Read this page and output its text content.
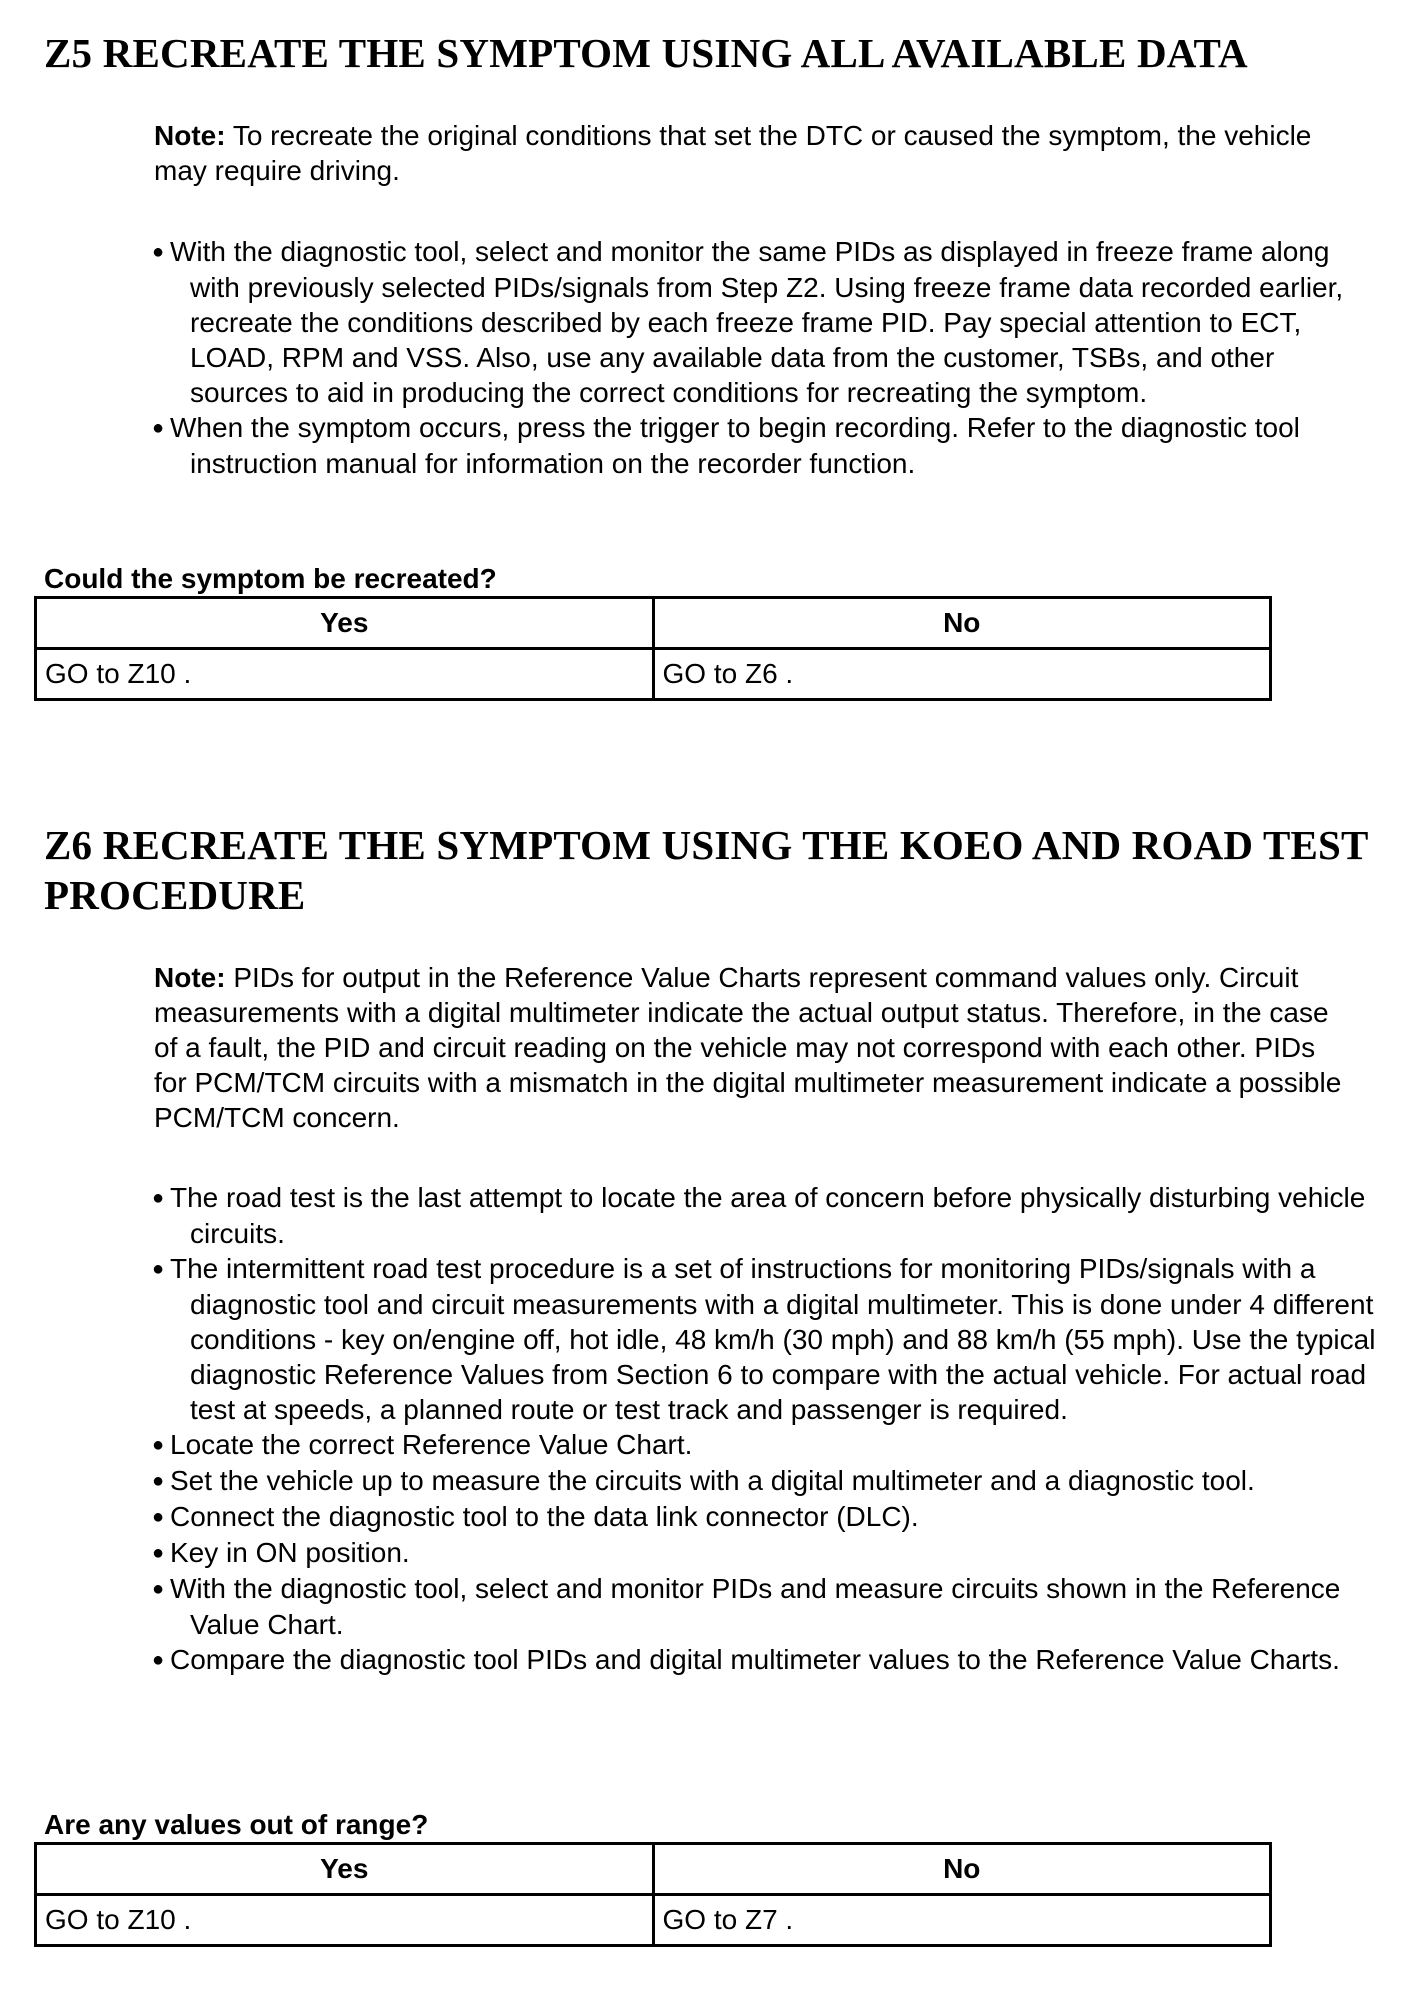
Z5 RECREATE THE SYMPTOM USING ALL AVAILABLE DATA

Note: To recreate the original conditions that set the DTC or caused the symptom, the vehicle may require driving.

● With the diagnostic tool, select and monitor the same PIDs as displayed in freeze frame along with previously selected PIDs/signals from Step Z2. Using freeze frame data recorded earlier, recreate the conditions described by each freeze frame PID. Pay special attention to ECT, LOAD, RPM and VSS. Also, use any available data from the customer, TSBs, and other sources to aid in producing the correct conditions for recreating the symptom.
● When the symptom occurs, press the trigger to begin recording. Refer to the diagnostic tool instruction manual for information on the recorder function.

Could the symptom be recreated?

Yes	No
GO to Z10 .	GO to Z6 .
Z6 RECREATE THE SYMPTOM USING THE KOEO AND ROAD TEST PROCEDURE

Note: PIDs for output in the Reference Value Charts represent command values only. Circuit measurements with a digital multimeter indicate the actual output status. Therefore, in the case of a fault, the PID and circuit reading on the vehicle may not correspond with each other. PIDs for PCM/TCM circuits with a mismatch in the digital multimeter measurement indicate a possible PCM/TCM concern.

● The road test is the last attempt to locate the area of concern before physically disturbing vehicle circuits.
● The intermittent road test procedure is a set of instructions for monitoring PIDs/signals with a diagnostic tool and circuit measurements with a digital multimeter. This is done under 4 different conditions - key on/engine off, hot idle, 48 km/h (30 mph) and 88 km/h (55 mph). Use the typical diagnostic Reference Values from Section 6 to compare with the actual vehicle. For actual road test at speeds, a planned route or test track and passenger is required.
● Locate the correct Reference Value Chart.
● Set the vehicle up to measure the circuits with a digital multimeter and a diagnostic tool.
● Connect the diagnostic tool to the data link connector (DLC).
● Key in ON position.
● With the diagnostic tool, select and monitor PIDs and measure circuits shown in the Reference Value Chart.
● Compare the diagnostic tool PIDs and digital multimeter values to the Reference Value Charts.

Are any values out of range?

Yes	No
GO to Z10 .	GO to Z7 .
